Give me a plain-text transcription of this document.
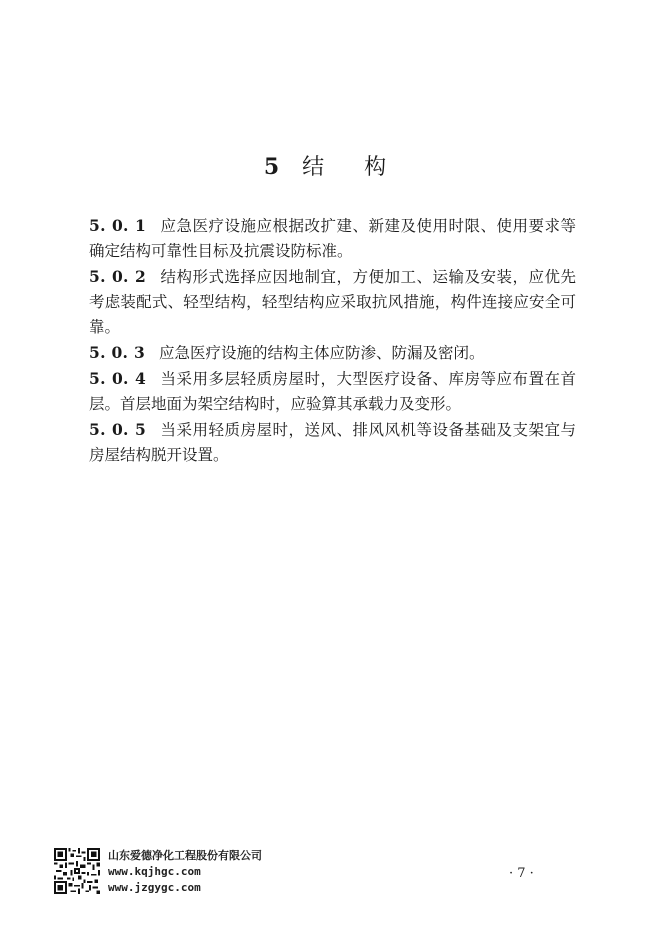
5 结构

5. 0. 1 应急医疗设施应根据改扩建、新建及使用时限、使用要求等确定结构可靠性目标及抗震设防标准。

5. 0. 2 结构形式选择应因地制宜，方便加工、运输及安装，应优先考虑装配式、轻型结构，轻型结构应采取抗风措施，构件连接应安全可靠。

5. 0. 3 应急医疗设施的结构主体应防渗、防漏及密闭。

5. 0. 4 当采用多层轻质房屋时，大型医疗设备、库房等应布置在首层。首层地面为架空结构时，应验算其承载力及变形。

5. 0. 5 当采用轻质房屋时，送风、排风风机等设备基础及支架宜与房屋结构脱开设置。

山东爱德净化工程股份有限公司
www.kqjhgc.com
www.jzgygc.com
· 7 ·
